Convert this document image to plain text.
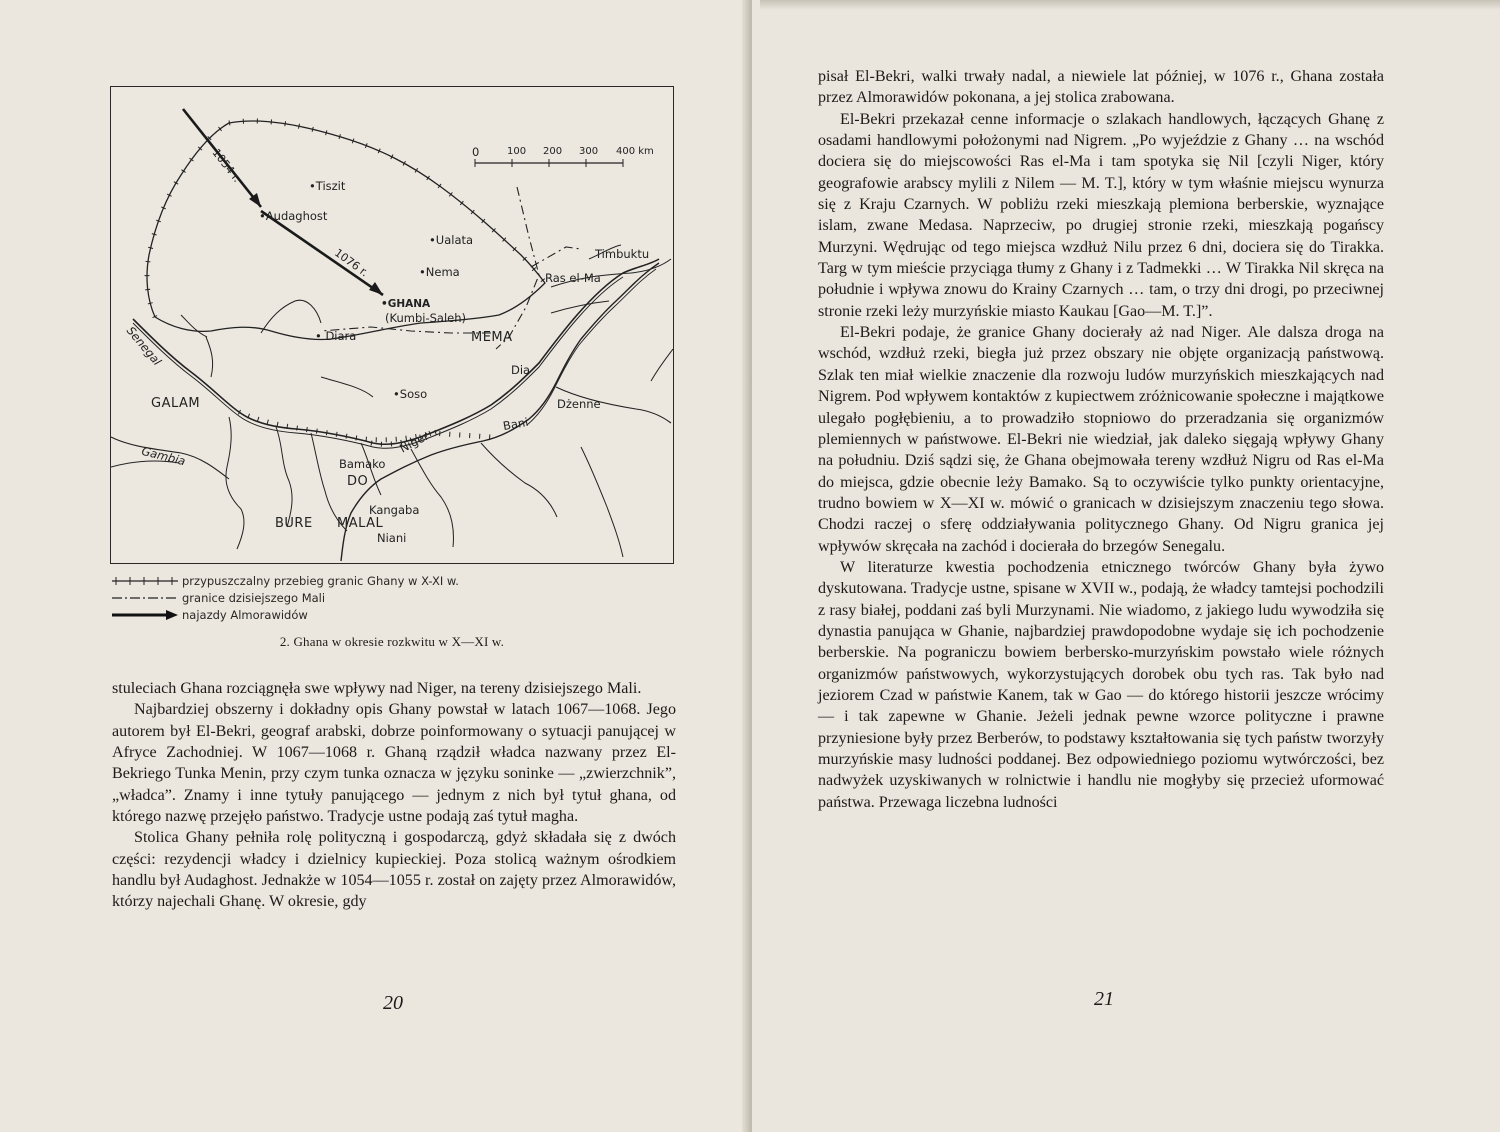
0	100 200 300 400 km
1054 r.
1076 r.
•Tiszit
•Audaghost
•Ualata
•Nema
Timbuktu
Ras el-Ma
•GHANA
(Kumbi-Saleh)
• Diara	MEMA
Dia
•Soso
Dżenne
GALAM
Bani
Gambia
Niger
Bamako
DO
Kangaba
BURE MALAL
Niani
Senegal
przypuszczalny przebieg granic Ghany w X-XI w.
granice dzisiejszego Mali
najazdy Almorawidów
2. Ghana w okresie rozkwitu w X—XI w.

stuleciach Ghana rozciągnęła swe wpływy nad Niger, na tereny dzisiejszego Mali.

Najbardziej obszerny i dokładny opis Ghany powstał w latach 1067—1068. Jego autorem był El-Bekri, geograf arabski, dobrze poinformowany o sytuacji panującej w Afryce Zachodniej. W 1067—1068 r. Ghaną rządził władca nazwany przez El-Bekriego Tunka Menin, przy czym tunka oznacza w języku soninke — „zwierzchnik”, „władca”. Znamy i inne tytuły panującego — jednym z nich był tytuł ghana, od którego nazwę przejęło państwo. Tradycje ustne podają zaś tytuł magha.

Stolica Ghany pełniła rolę polityczną i gospodarczą, gdyż składała się z dwóch części: rezydencji władcy i dzielnicy kupieckiej. Poza stolicą ważnym ośrodkiem handlu był Audaghost. Jednakże w 1054—1055 r. został on zajęty przez Almorawidów, którzy najechali Ghanę. W okresie, gdy

20

pisał El-Bekri, walki trwały nadal, a niewiele lat później, w 1076 r., Ghana została przez Almorawidów pokonana, a jej stolica zrabowana.

El-Bekri przekazał cenne informacje o szlakach handlowych, łączących Ghanę z osadami handlowymi położonymi nad Nigrem. „Po wyjeździe z Ghany … na wschód dociera się do miejscowości Ras el-Ma i tam spotyka się Nil [czyli Niger, który geografowie arabscy mylili z Nilem — M. T.], który w tym właśnie miejscu wynurza się z Kraju Czarnych. W pobliżu rzeki mieszkają plemiona berberskie, wyznające islam, zwane Medasa. Naprzeciw, po drugiej stronie rzeki, mieszkają pogańscy Murzyni. Wędrując od tego miejsca wzdłuż Nilu przez 6 dni, dociera się do Tirakka. Targ w tym mieście przyciąga tłumy z Ghany i z Tadmekki … W Tirakka Nil skręca na południe i wpływa znowu do Krainy Czarnych … tam, o trzy dni drogi, po przeciwnej stronie rzeki leży murzyńskie miasto Kaukau [Gao—M. T.]”.

El-Bekri podaje, że granice Ghany docierały aż nad Niger. Ale dalsza droga na wschód, wzdłuż rzeki, biegła już przez obszary nie objęte organizacją państwową. Szlak ten miał wielkie znaczenie dla rozwoju ludów murzyńskich mieszkających nad Nigrem. Pod wpływem kontaktów z kupiectwem zróżnicowanie społeczne i majątkowe ulegało pogłębieniu, a to prowadziło stopniowo do przeradzania się organizmów plemiennych w państwowe. El-Bekri nie wiedział, jak daleko sięgają wpływy Ghany na południu. Dziś sądzi się, że Ghana obejmowała tereny wzdłuż Nigru od Ras el-Ma do miejsca, gdzie obecnie leży Bamako. Są to oczywiście tylko punkty orientacyjne, trudno bowiem w X—XI w. mówić o granicach w dzisiejszym znaczeniu tego słowa. Chodzi raczej o sferę oddziaływania politycznego Ghany. Od Nigru granica jej wpływów skręcała na zachód i docierała do brzegów Senegalu.

W literaturze kwestia pochodzenia etnicznego twórców Ghany była żywo dyskutowana. Tradycje ustne, spisane w XVII w., podają, że władcy tamtejsi pochodzili z rasy białej, poddani zaś byli Murzynami. Nie wiadomo, z jakiego ludu wywodziła się dynastia panująca w Ghanie, najbardziej prawdopodobne wydaje się ich pochodzenie berberskie. Na pograniczu bowiem berbersko-murzyńskim powstało wiele różnych organizmów państwowych, wykorzystujących dorobek obu tych ras. Tak było nad jeziorem Czad w państwie Kanem, tak w Gao — do którego historii jeszcze wrócimy — i tak zapewne w Ghanie. Jeżeli jednak pewne wzorce polityczne i prawne przyniesione były przez Berberów, to podstawy kształtowania się tych państw tworzyły murzyńskie masy ludności poddanej. Bez odpowiedniego poziomu wytwórczości, bez nadwyżek uzyskiwanych w rolnictwie i handlu nie mogłyby się przecież uformować państwa. Przewaga liczebna ludności

21
